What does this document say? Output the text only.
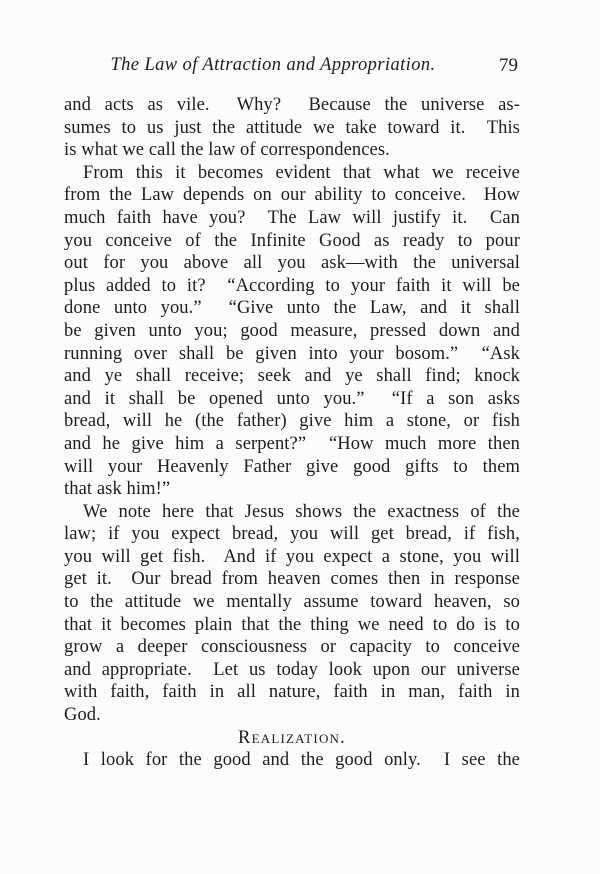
The Law of Attraction and Appropriation.	79
and acts as vile.  Why?  Because the universe as-
sumes to us just the attitude we take toward it.  This
is what we call the law of correspondences.
From this it becomes evident that what we receive
from the Law depends on our ability to conceive.  How
much faith have you?  The Law will justify it.  Can
you conceive of the Infinite Good as ready to pour
out for you above all you ask—with the universal
plus added to it?  “According to your faith it will be
done unto you.”  “Give unto the Law, and it shall
be given unto you; good measure, pressed down and
running over shall be given into your bosom.”  “Ask
and ye shall receive; seek and ye shall find; knock
and it shall be opened unto you.”  “If a son asks
bread, will he (the father) give him a stone, or fish
and he give him a serpent?”  “How much more then
will your Heavenly Father give good gifts to them
that ask him!”
We note here that Jesus shows the exactness of the
law; if you expect bread, you will get bread, if fish,
you will get fish.  And if you expect a stone, you will
get it.  Our bread from heaven comes then in response
to the attitude we mentally assume toward heaven, so
that it becomes plain that the thing we need to do is to
grow a deeper consciousness or capacity to conceive
and appropriate.  Let us today look upon our universe
with faith, faith in all nature, faith in man, faith in
God.
Realization.
I look for the good and the good only.  I see the
